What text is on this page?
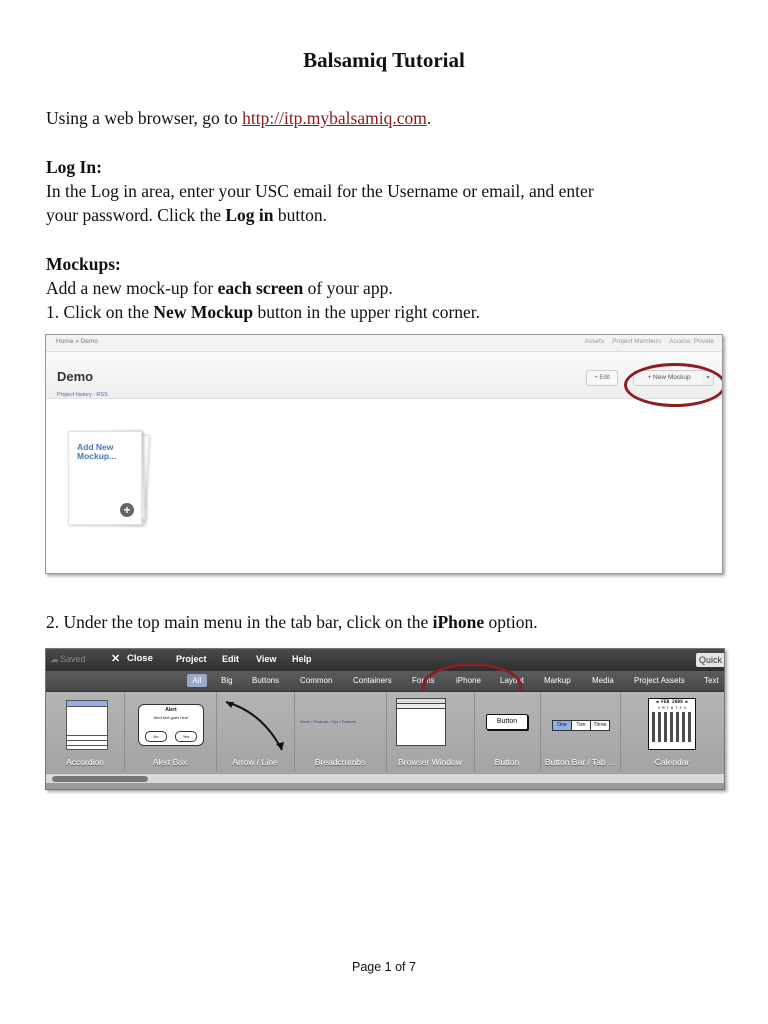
Balsamiq Tutorial
Using a web browser, go to http://itp.mybalsamiq.com.
Log In:
In the Log in area, enter your USC email for the Username or email, and enter
your password. Click the Log in button.
Mockups:
Add a new mock-up for each screen of your app.
1. Click on the New Mockup button in the upper right corner.
Home » Demo	Assets Project Members Access: Private
Demo	+ Edit	+ New Mockup	▾
Project history : RSS
Add New
Mockup...
+
2. Under the top main menu in the tab bar, click on the iPhone option.
☁ Saved ✕ Close	Project Edit View Help	Quick
All	Big Buttons	Common	Containers	Forms	iPhone Layout Markup	Media	Project Assets Text
Accordion
Alert
Alert text goes here
No	Yes
Alert Box	Arrow / Line
Home > Products > Xyz > Features
Breadcrumbs	Browser Window
Button
Button
One	Two	Three
Button Bar / Tab ...
◀ FEB 2008 ▶
S M T W T F S
Calendar
Page 1 of 7
